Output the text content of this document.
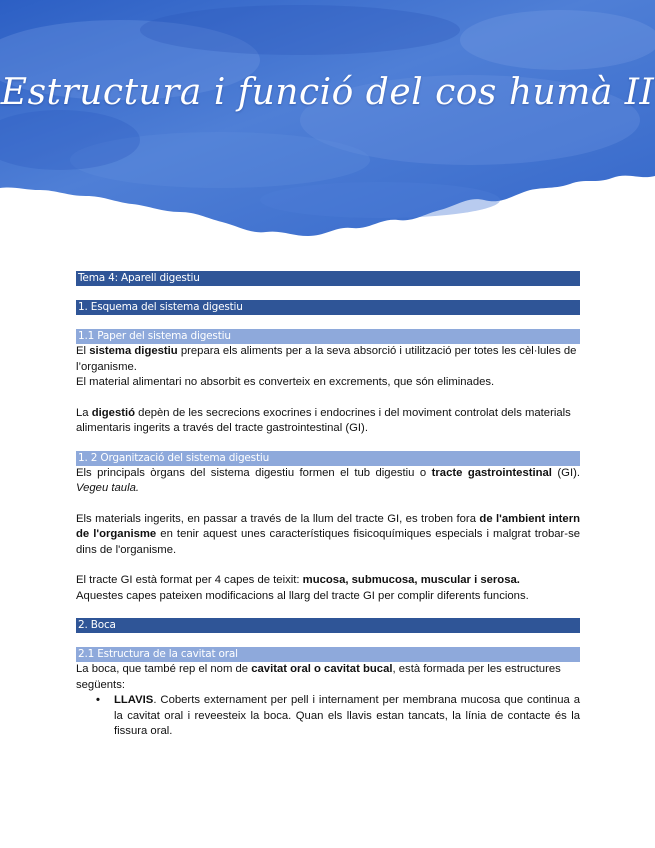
Estructura i funció del cos humà II
Tema 4: Aparell digestiu
1. Esquema del sistema digestiu
1.1 Paper del sistema digestiu

El sistema digestiu prepara els aliments per a la seva absorció i utilització per totes les cèl·lules de l’organisme.

El material alimentari no absorbit es converteix en excrements, que són eliminades.

La digestió depèn de les secrecions exocrines i endocrines i del moviment controlat dels materials alimentaris ingerits a través del tracte gastrointestinal (GI).

1. 2 Organització del sistema digestiu

Els principals òrgans del sistema digestiu formen el tub digestiu o tracte gastrointestinal (GI). Vegeu taula.

Els materials ingerits, en passar a través de la llum del tracte GI, es troben fora de l'ambient intern de l'organisme en tenir aquest unes característiques fisicoquímiques especials i malgrat trobar-se dins de l'organisme.

El tracte GI està format per 4 capes de teixit: mucosa, submucosa, muscular i serosa.

Aquestes capes pateixen modificacions al llarg del tracte GI per complir diferents funcions.

2. Boca
2.1 Estructura de la cavitat oral

La boca, que també rep el nom de cavitat oral o cavitat bucal, està formada per les estructures següents:

• LLAVIS. Coberts externament per pell i internament per membrana mucosa que continua a la cavitat oral i reveesteix la boca. Quan els llavis estan tancats, la línia de contacte és la fissura oral.
